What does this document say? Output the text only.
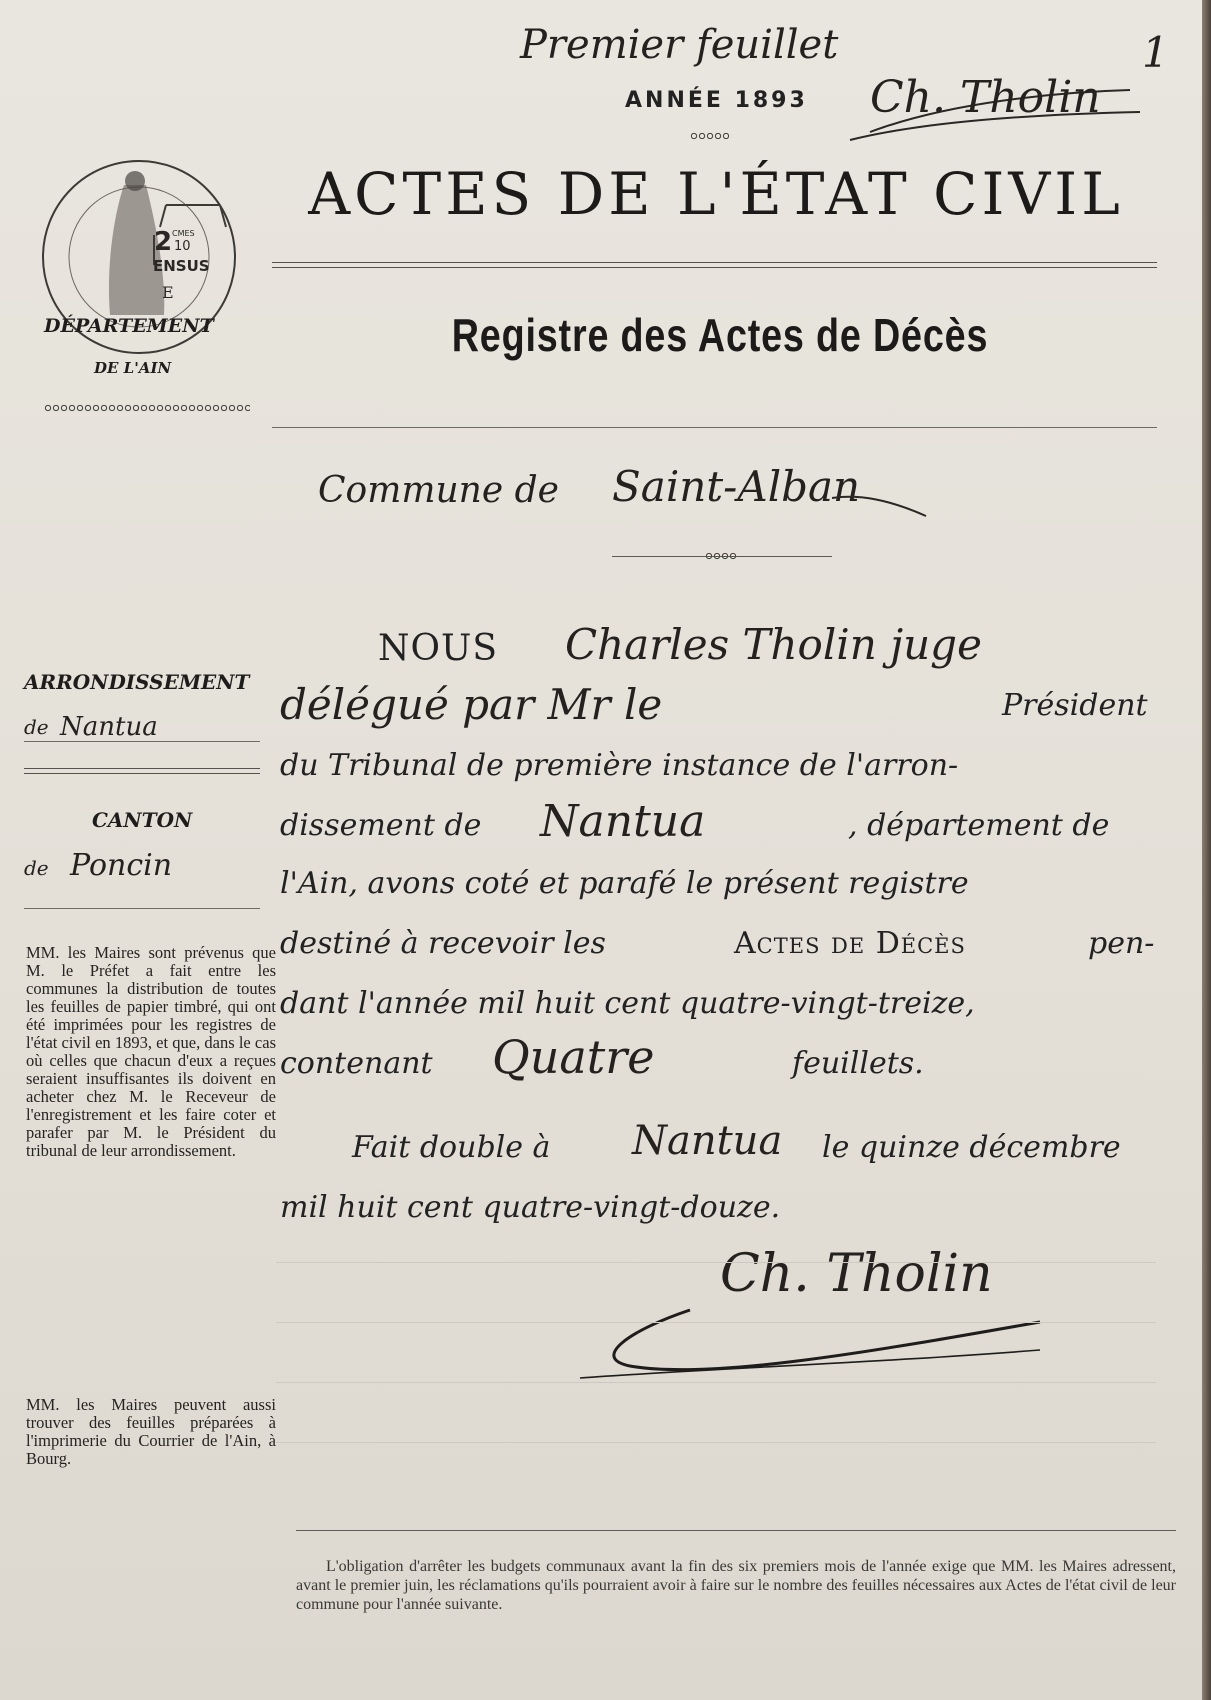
Premier feuillet	1
ANNÉE 1893 Ch. Tholin
ACTES DE L'ÉTAT CIVIL
Registre des Actes de Décès
2 CMES
10
ENSUS
E
DÉPARTEMENT
DE L'AIN
Commune de Saint-Alban
ARRONDISSEMENT
de Nantua
CANTON
de Poncin
MM. les Maires sont prévenus que M. le Préfet a fait entre les communes la distribution de toutes les feuilles de papier timbré, qui ont été imprimées pour les registres de l'état civil en 1893, et que, dans le cas où celles que chacun d'eux a reçues seraient insuffisantes ils doivent en acheter chez M. le Receveur de l'enregistrement et les faire coter et parafer par M. le Président du tribunal de leur arrondissement.
MM. les Maires peuvent aussi trouver des feuilles préparées à l'imprimerie du Courrier de l'Ain, à Bourg.
NOUS Charles Tholin juge
délégué par Mr le	Président
du Tribunal de première instance de l'arron-
dissement de Nantua	, département de
l'Ain, avons coté et parafé le présent registre
destiné à recevoir les	Actes de Décès	pen-
dant l'année mil huit cent quatre-vingt-treize,
contenant Quatre	feuillets.
Fait double à Nantua le quinze décembre
mil huit cent quatre-vingt-douze.
Ch. Tholin
L'obligation d'arrêter les budgets communaux avant la fin des six premiers mois de l'année exige que MM. les Maires adressent, avant le premier juin, les réclamations qu'ils pourraient avoir à faire sur le nombre des feuilles nécessaires aux Actes de l'état civil de leur commune pour l'année suivante.
